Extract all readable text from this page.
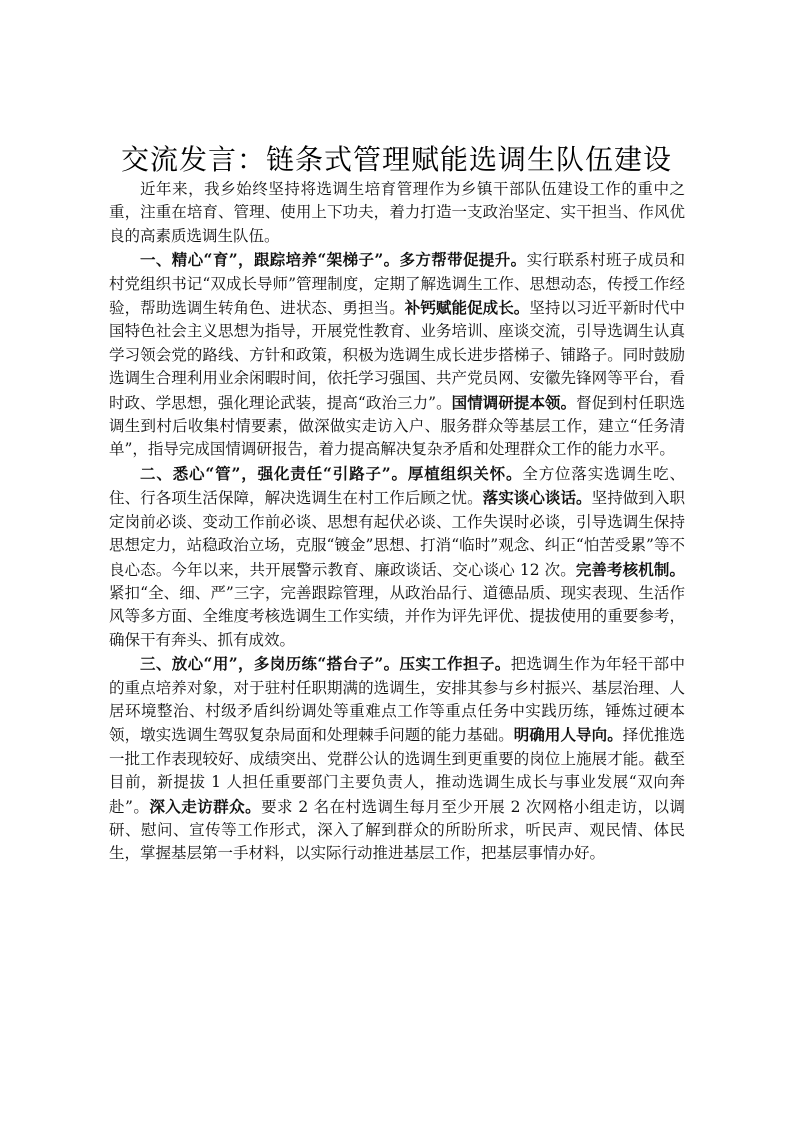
交流发言：链条式管理赋能选调生队伍建设

近年来，我乡始终坚持将选调生培育管理作为乡镇干部队伍建设工作的重中之重，注重在培育、管理、使用上下功夫，着力打造一支政治坚定、实干担当、作风优良的高素质选调生队伍。

一、精心“育”，跟踪培养“架梯子”。多方帮带促提升。实行联系村班子成员和村党组织书记“双成长导师”管理制度，定期了解选调生工作、思想动态，传授工作经验，帮助选调生转角色、进状态、勇担当。补钙赋能促成长。坚持以习近平新时代中国特色社会主义思想为指导，开展党性教育、业务培训、座谈交流，引导选调生认真学习领会党的路线、方针和政策，积极为选调生成长进步搭梯子、铺路子。同时鼓励选调生合理利用业余闲暇时间，依托学习强国、共产党员网、安徽先锋网等平台，看时政、学思想，强化理论武装，提高“政治三力”。国情调研提本领。督促到村任职选调生到村后收集村情要素，做深做实走访入户、服务群众等基层工作，建立“任务清单”，指导完成国情调研报告，着力提高解决复杂矛盾和处理群众工作的能力水平。

二、悉心“管”，强化责任“引路子”。厚植组织关怀。全方位落实选调生吃、住、行各项生活保障，解决选调生在村工作后顾之忧。落实谈心谈话。坚持做到入职定岗前必谈、变动工作前必谈、思想有起伏必谈、工作失误时必谈，引导选调生保持思想定力，站稳政治立场，克服“镀金”思想、打消“临时”观念、纠正“怕苦受累”等不良心态。今年以来，共开展警示教育、廉政谈话、交心谈心 12 次。完善考核机制。紧扣“全、细、严”三字，完善跟踪管理，从政治品行、道德品质、现实表现、生活作风等多方面、全维度考核选调生工作实绩，并作为评先评优、提拔使用的重要参考，确保干有奔头、抓有成效。

三、放心“用”，多岗历练“搭台子”。压实工作担子。把选调生作为年轻干部中的重点培养对象，对于驻村任职期满的选调生，安排其参与乡村振兴、基层治理、人居环境整治、村级矛盾纠纷调处等重难点工作等重点任务中实践历练，锤炼过硬本领，墩实选调生驾驭复杂局面和处理棘手问题的能力基础。明确用人导向。择优推选一批工作表现较好、成绩突出、党群公认的选调生到更重要的岗位上施展才能。截至目前，新提拔 1 人担任重要部门主要负责人，推动选调生成长与事业发展“双向奔赴”。深入走访群众。要求 2 名在村选调生每月至少开展 2 次网格小组走访，以调研、慰问、宣传等工作形式，深入了解到群众的所盼所求，听民声、观民情、体民生，掌握基层第一手材料，以实际行动推进基层工作，把基层事情办好。
